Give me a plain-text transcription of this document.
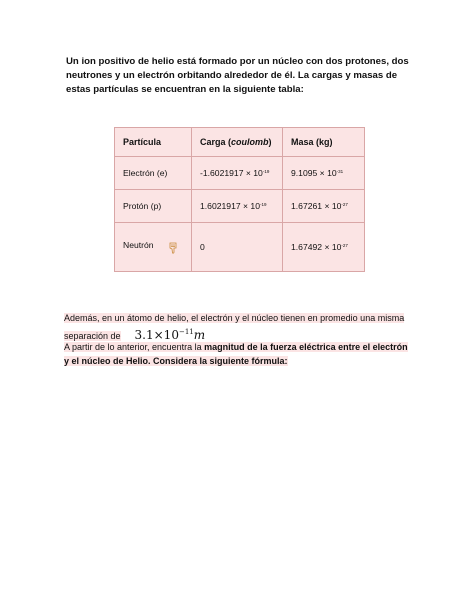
Un ion positivo de helio está formado por un núcleo con dos protones, dos neutrones y un electrón orbitando alrededor de él. La cargas y masas de estas partículas se encuentran en la siguiente tabla:
Partícula	Carga (coulomb)	Masa (kg)
Electrón (e)	$-1.6021917 \times 10^{-19}$	$9.1095 \times 10^{-31}$
Protón (p)	$1.6021917 \times 10^{-19}$	$1.67261 \times 10^{-27}$
Neutrón	0	$1.67492 \times 10^{-27}$
Además, en un átomo de helio, el electrón y el núcleo tienen en promedio una misma
separación de $3.1\times 10^{-11}m$
A partir de lo anterior, encuentra la magnitud de la fuerza eléctrica entre el electrón y el núcleo de Helio. Considera la siguiente fórmula:
